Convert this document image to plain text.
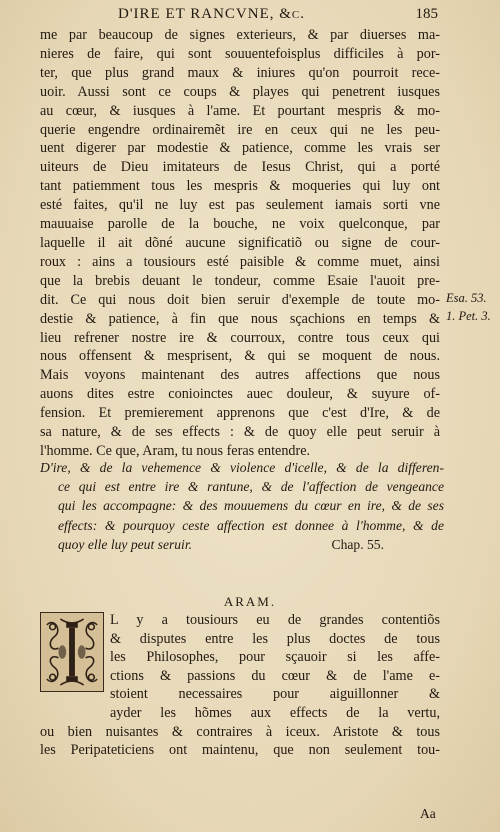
D'IRE ET RANCVNE, &c.	185
me par beaucoup de signes exterieurs, & par diuerses ma-
nieres de faire, qui sont souuentefoisplus difficiles à por-
ter, que plus grand maux & iniures qu'on pourroit rece-
uoir. Aussi sont ce coups & playes qui penetrent iusques
au cœur, & iusques à l'ame. Et pourtant mespris & mo-
querie engendre ordinairemẽt ire en ceux qui ne les peu-
uent digerer par modestie & patience, comme les vrais ser
uiteurs de Dieu imitateurs de Iesus Christ, qui a porté
tant patiemment tous les mespris & moqueries qui luy ont
esté faites, qu'il ne luy est pas seulement iamais sorti vne
mauuaise parolle de la bouche, ne voix quelconque, par
laquelle il ait dõné aucune significatiõ ou signe de cour-
roux : ains a tousiours esté paisible & comme muet, ainsi
que la brebis deuant le tondeur, comme Esaie l'auoit pre-
dit. Ce qui nous doit bien seruir d'exemple de toute mo-
destie & patience, à fin que nous sçachions en temps &
lieu refrener nostre ire & courroux, contre tous ceux qui
nous offensent & mesprisent, & qui se moquent de nous.
Mais voyons maintenant des autres affections que nous
auons dites estre conioinctes auec douleur, & suyure of-
fension. Et premierement apprenons que c'est d'Ire, & de
sa nature, & de ses effects : & de quoy elle peut seruir à
l'homme. Ce que, Aram, tu nous feras entendre.
Esa. 53.
1. Pet. 3.
D'ire, & de la vehemence & violence d'icelle, & de la differen-
ce qui est entre ire & rantune, & de l'affection de vengeance
qui les accompagne: & des mouuemens du cœur en ire, & de ses
effects: & pourquoy ceste affection est donnee à l'homme, & de
quoy elle luy peut seruir.	Chap. 55.
ARAM.
L y a tousiours eu de grandes contentiõs
& disputes entre les plus doctes de tous
les Philosophes, pour sçauoir si les affe-
ctions & passions du cœur & de l'ame e-
stoient necessaires pour aiguillonner &
ayder les hõmes aux effects de la vertu,
ou bien nuisantes & contraires à iceux. Aristote & tous
les Peripateticiens ont maintenu, que non seulement tou-
Aa
